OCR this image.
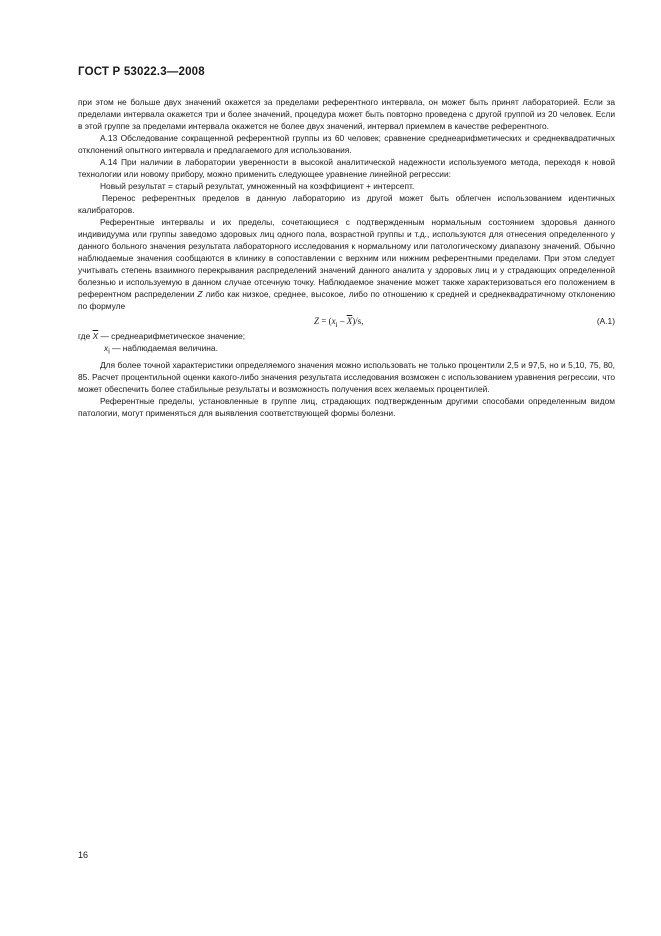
ГОСТ Р 53022.3—2008

при этом не больше двух значений окажется за пределами референтного интервала, он может быть принят лабораторией. Если за пределами интервала окажется три и более значений, процедура может быть повторно проведена с другой группой из 20 человек. Если в этой группе за пределами интервала окажется не более двух значений, интервал приемлем в качестве референтного.

А.13 Обследование сокращенной референтной группы из 60 человек; сравнение среднеарифметических и среднеквадратичных отклонений опытного интервала и предлагаемого для использования.

А.14 При наличии в лаборатории уверенности в высокой аналитической надежности используемого метода, переходя к новой технологии или новому прибору, можно применить следующее уравнение линейной регрессии:

Новый результат = старый результат, умноженный на коэффициент + интерсепт.

Перенос референтных пределов в данную лабораторию из другой может быть облегчен использованием идентичных калибраторов.

Референтные интервалы и их пределы, сочетающиеся с подтвержденным нормальным состоянием здоровья данного индивидуума или группы заведомо здоровых лиц одного пола, возрастной группы и т.д., используются для отнесения определенного у данного больного значения результата лабораторного исследования к нормальному или патологическому диапазону значений. Обычно наблюдаемые значения сообщаются в клинику в сопоставлении с верхним или нижним референтными пределами. При этом следует учитывать степень взаимного перекрывания распределений значений данного аналита у здоровых лиц и у страдающих определенной болезнью и используемую в данном случае отсечную точку. Наблюдаемое значение может также характеризоваться его положением в референтном распределении Z либо как низкое, среднее, высокое, либо по отношению к средней и среднеквадратичному отклонению по формуле

$Z = (x_i - \overline{X})/s$,	(А.1)
где $\overline{X}$ — среднеарифметическое значение;
$x_i$ — наблюдаемая величина.

Для более точной характеристики определяемого значения можно использовать не только процентили 2,5 и 97,5, но и 5,10, 75, 80, 85. Расчет процентильной оценки какого-либо значения результата исследования возможен с использованием уравнения регрессии, что может обеспечить более стабильные результаты и возможность получения всех желаемых процентилей.

Референтные пределы, установленные в группе лиц, страдающих подтвержденным другими способами определенным видом патологии, могут применяться для выявления соответствующей формы болезни.

16
